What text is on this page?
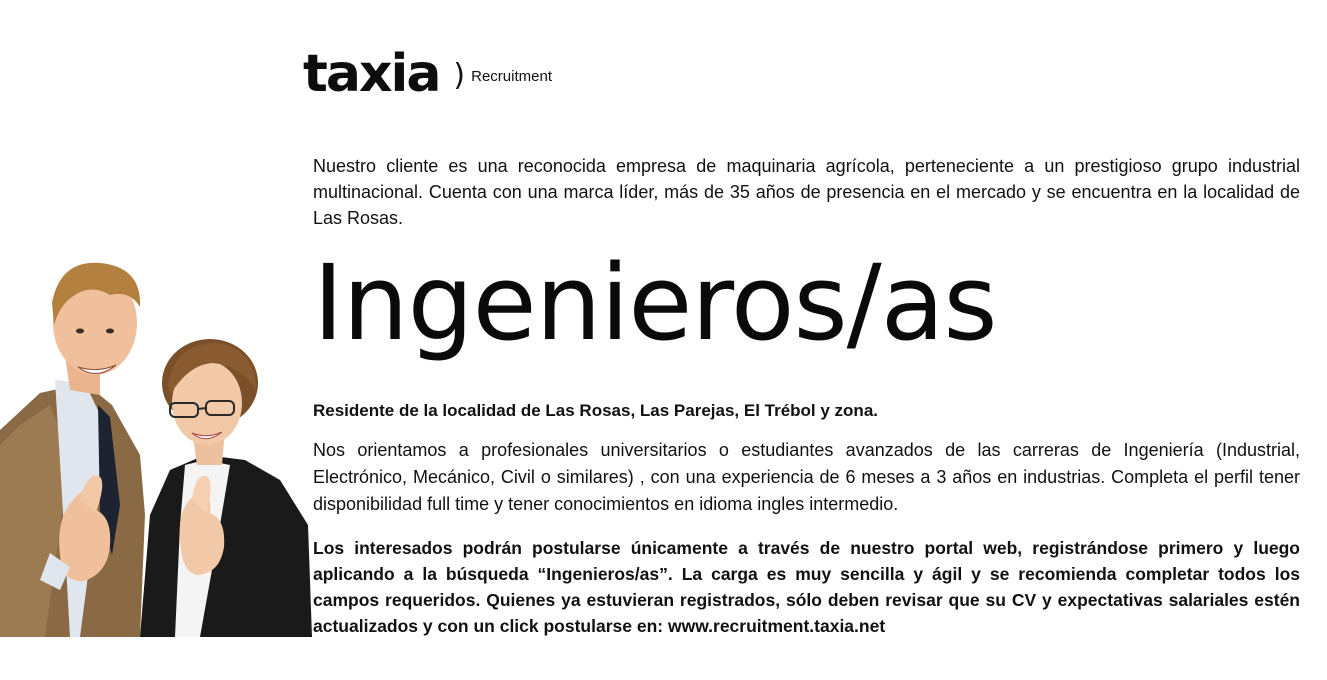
taxia ) Recruitment

Nuestro cliente es una reconocida empresa de maquinaria agrícola, perteneciente a un prestigioso grupo industrial multinacional. Cuenta con una marca líder, más de 35 años de presencia en el mercado y se encuentra en la localidad de Las Rosas.

Ingenieros/as

Residente de la localidad de Las Rosas, Las Parejas, El Trébol y zona.

Nos orientamos a profesionales universitarios o estudiantes avanzados de las carreras de Ingeniería (Industrial, Electrónico, Mecánico, Civil o similares) , con una experiencia de 6 meses a 3 años en industrias. Completa el perfil tener disponibilidad full time y tener conocimientos en idioma ingles intermedio.

Los interesados podrán postularse únicamente a través de nuestro portal web, registrándose primero y luego aplicando a la búsqueda “Ingenieros/as”. La carga es muy sencilla y ágil y se recomienda completar todos los campos requeridos. Quienes ya estuvieran registrados, sólo deben revisar que su CV y expectativas salariales estén actualizados y con un click postularse en: www.recruitment.taxia.net
